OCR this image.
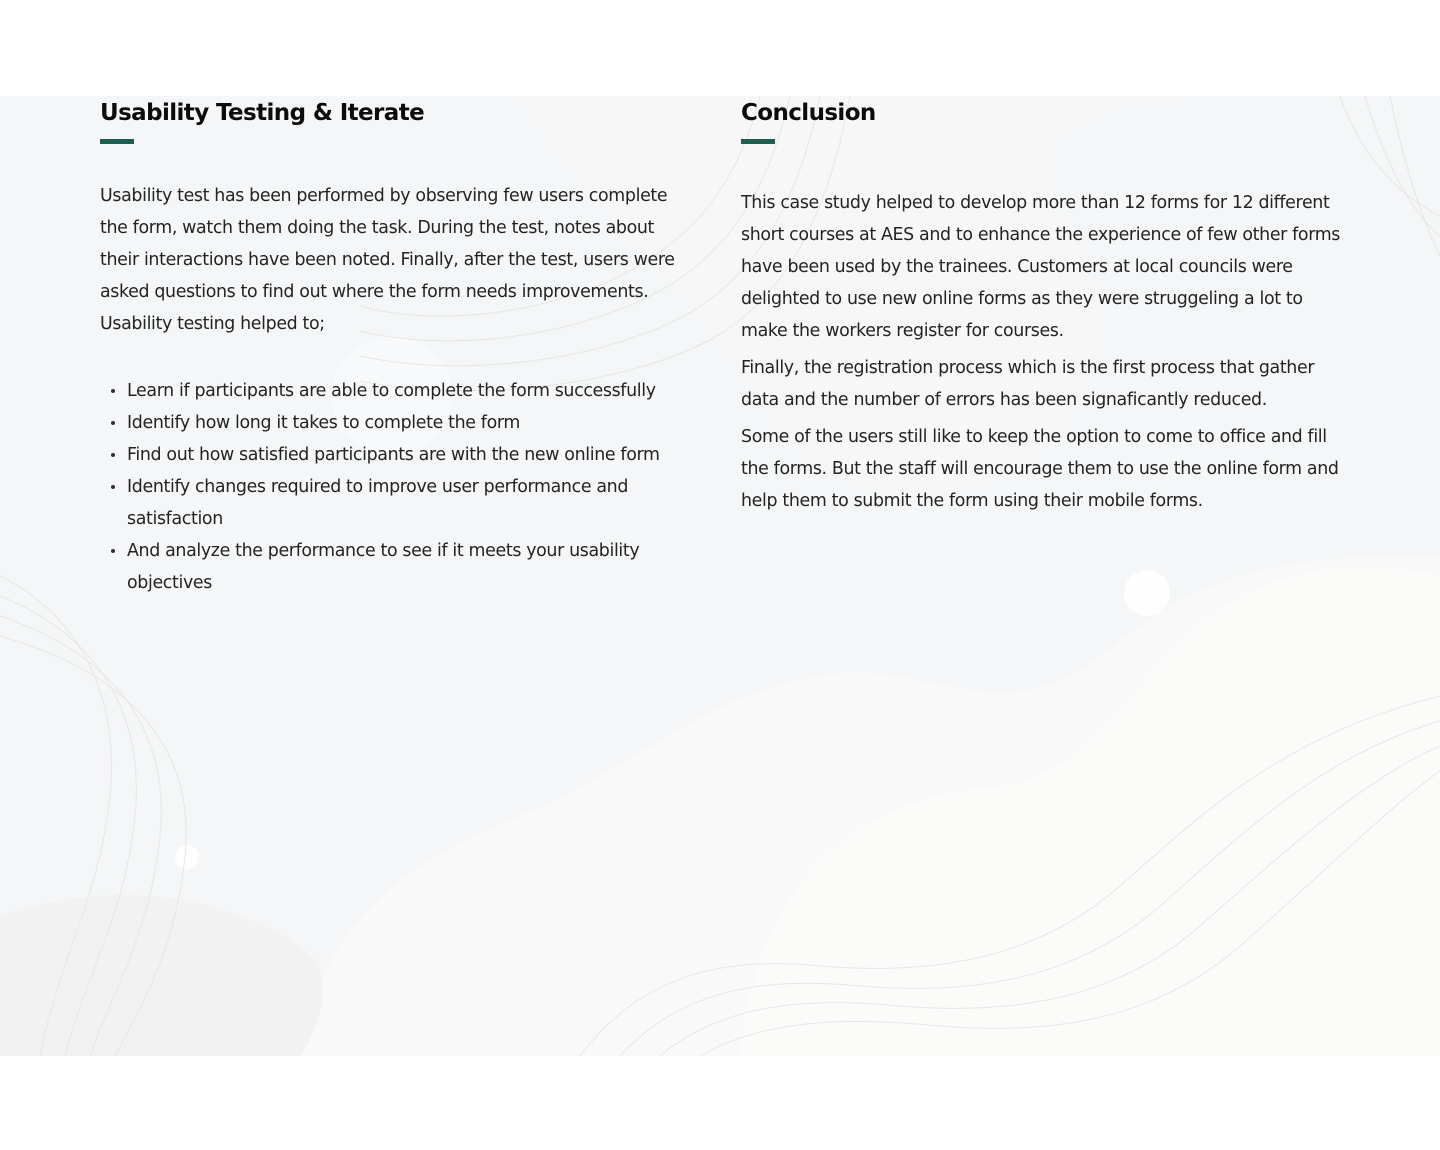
Usability Testing & Iterate

Usability test has been performed by observing few users complete the form, watch them doing the task. During the test, notes about their interactions have been noted. Finally, after the test, users were asked questions to find out where the form needs improvements. Usability testing helped to;

Learn if participants are able to complete the form successfully
Identify how long it takes to complete the form
Find out how satisfied participants are with the new online form
Identify changes required to improve user performance and satisfaction
And analyze the performance to see if it meets your usability objectives
Conclusion

This case study helped to develop more than 12 forms for 12 different short courses at AES and to enhance the experience of few other forms have been used by the trainees. Customers at local councils were delighted to use new online forms as they were struggeling a lot to make the workers register for courses.

Finally, the registration process which is the first process that gather data and the number of errors has been signaficantly reduced.

Some of the users still like to keep the option to come to office and fill the forms. But the staff will encourage them to use the online form and help them to submit the form using their mobile forms.
